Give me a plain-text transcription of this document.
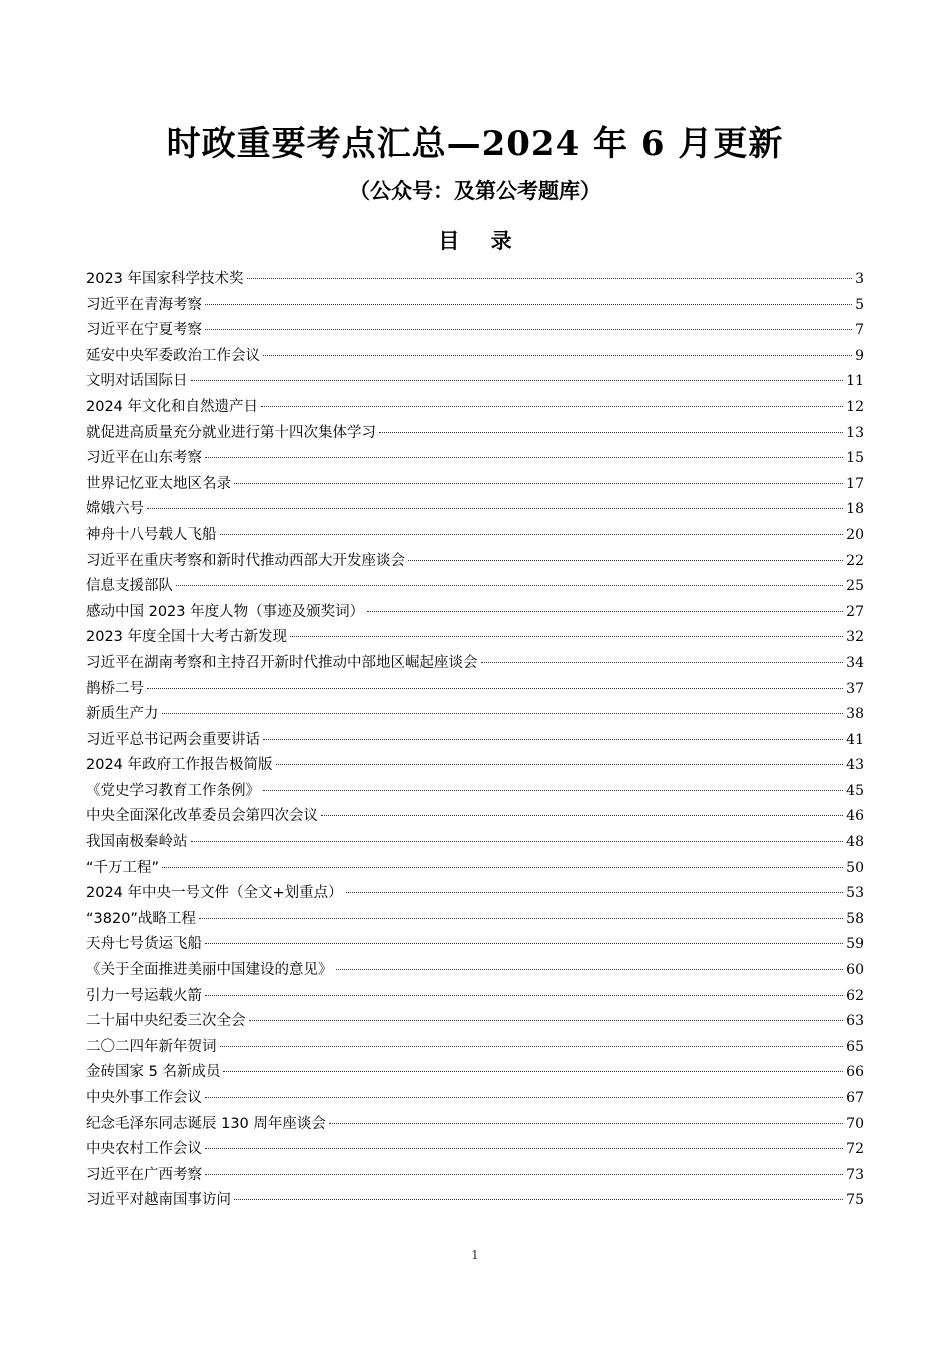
时政重要考点汇总—2024 年 6 月更新
（公众号：及第公考题库）
目 录
2023 年国家科学技术奖	3
习近平在青海考察	5
习近平在宁夏考察	7
延安中央军委政治工作会议	9
文明对话国际日	11
2024 年文化和自然遗产日	12
就促进高质量充分就业进行第十四次集体学习	13
习近平在山东考察	15
世界记忆亚太地区名录	17
嫦娥六号	18
神舟十八号载人飞船	20
习近平在重庆考察和新时代推动西部大开发座谈会	22
信息支援部队	25
感动中国 2023 年度人物（事迹及颁奖词）	27
2023 年度全国十大考古新发现	32
习近平在湖南考察和主持召开新时代推动中部地区崛起座谈会	34
鹊桥二号	37
新质生产力	38
习近平总书记两会重要讲话	41
2024 年政府工作报告极简版	43
《党史学习教育工作条例》	45
中央全面深化改革委员会第四次会议	46
我国南极秦岭站	48
“千万工程”	50
2024 年中央一号文件（全文+划重点）	53
“3820”战略工程	58
天舟七号货运飞船	59
《关于全面推进美丽中国建设的意见》	60
引力一号运载火箭	62
二十届中央纪委三次全会	63
二〇二四年新年贺词	65
金砖国家 5 名新成员	66
中央外事工作会议	67
纪念毛泽东同志诞辰 130 周年座谈会	70
中央农村工作会议	72
习近平在广西考察	73
习近平对越南国事访问	75
1
